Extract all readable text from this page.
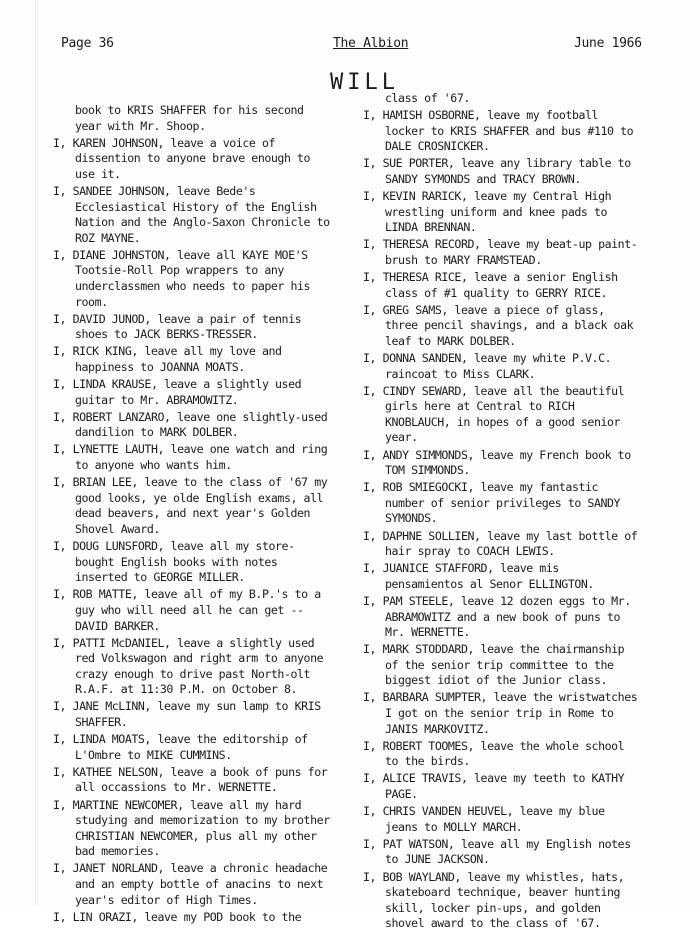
Page 36	The Albion	June 1966
WILL
book to KRIS SHAFFER for his second year with Mr. Shoop.
I, KAREN JOHNSON, leave a voice of dissention to anyone brave enough to use it.
I, SANDEE JOHNSON, leave Bede's Ecclesiastical History of the English Nation and the Anglo-Saxon Chronicle to ROZ MAYNE.
I, DIANE JOHNSTON, leave all KAYE MOE'S Tootsie-Roll Pop wrappers to any underclassmen who needs to paper his room.
I, DAVID JUNOD, leave a pair of tennis shoes to JACK BERKS-TRESSER.
I, RICK KING, leave all my love and happiness to JOANNA MOATS.
I, LINDA KRAUSE, leave a slightly used guitar to Mr. ABRAMOWITZ.
I, ROBERT LANZARO, leave one slightly-used dandilion to MARK DOLBER.
I, LYNETTE LAUTH, leave one watch and ring to anyone who wants him.
I, BRIAN LEE, leave to the class of '67 my good looks, ye olde English exams, all dead beavers, and next year's Golden Shovel Award.
I, DOUG LUNSFORD, leave all my store-bought English books with notes inserted to GEORGE MILLER.
I, ROB MATTE, leave all of my B.P.'s to a guy who will need all he can get --DAVID BARKER.
I, PATTI McDANIEL, leave a slightly used red Volkswagon and right arm to anyone crazy enough to drive past North-olt R.A.F. at 11:30 P.M. on October 8.
I, JANE McLINN, leave my sun lamp to KRIS SHAFFER.
I, LINDA MOATS, leave the editorship of L'Ombre to MIKE CUMMINS.
I, KATHEE NELSON, leave a book of puns for all occassions to Mr. WERNETTE.
I, MARTINE NEWCOMER, leave all my hard studying and memorization to my brother CHRISTIAN NEWCOMER, plus all my other bad memories.
I, JANET NORLAND, leave a chronic headache and an empty bottle of anacins to next year's editor of High Times.
I, LIN ORAZI, leave my POD book to the
class of '67.
I, HAMISH OSBORNE, leave my football locker to KRIS SHAFFER and bus #110 to DALE CROSNICKER.
I, SUE PORTER, leave any library table to SANDY SYMONDS and TRACY BROWN.
I, KEVIN RARICK, leave my Central High wrestling uniform and knee pads to LINDA BRENNAN.
I, THERESA RECORD, leave my beat-up paint-brush to MARY FRAMSTEAD.
I, THERESA RICE, leave a senior English class of #1 quality to GERRY RICE.
I, GREG SAMS, leave a piece of glass, three pencil shavings, and a black oak leaf to MARK DOLBER.
I, DONNA SANDEN, leave my white P.V.C. raincoat to Miss CLARK.
I, CINDY SEWARD, leave all the beautiful girls here at Central to RICH KNOBLAUCH, in hopes of a good senior year.
I, ANDY SIMMONDS, leave my French book to TOM SIMMONDS.
I, ROB SMIEGOCKI, leave my fantastic number of senior privileges to SANDY SYMONDS.
I, DAPHNE SOLLIEN, leave my last bottle of hair spray to COACH LEWIS.
I, JUANICE STAFFORD, leave mis pensamientos al Senor ELLINGTON.
I, PAM STEELE, leave 12 dozen eggs to Mr. ABRAMOWITZ and a new book of puns to Mr. WERNETTE.
I, MARK STODDARD, leave the chairmanship of the senior trip committee to the biggest idiot of the Junior class.
I, BARBARA SUMPTER, leave the wristwatches I got on the senior trip in Rome to JANIS MARKOVITZ.
I, ROBERT TOOMES, leave the whole school to the birds.
I, ALICE TRAVIS, leave my teeth to KATHY PAGE.
I, CHRIS VANDEN HEUVEL, leave my blue jeans to MOLLY MARCH.
I, PAT WATSON, leave all my English notes to JUNE JACKSON.
I, BOB WAYLAND, leave my whistles, hats, skateboard technique, beaver hunting skill, locker pin-ups, and golden shovel award to the class of '67.
